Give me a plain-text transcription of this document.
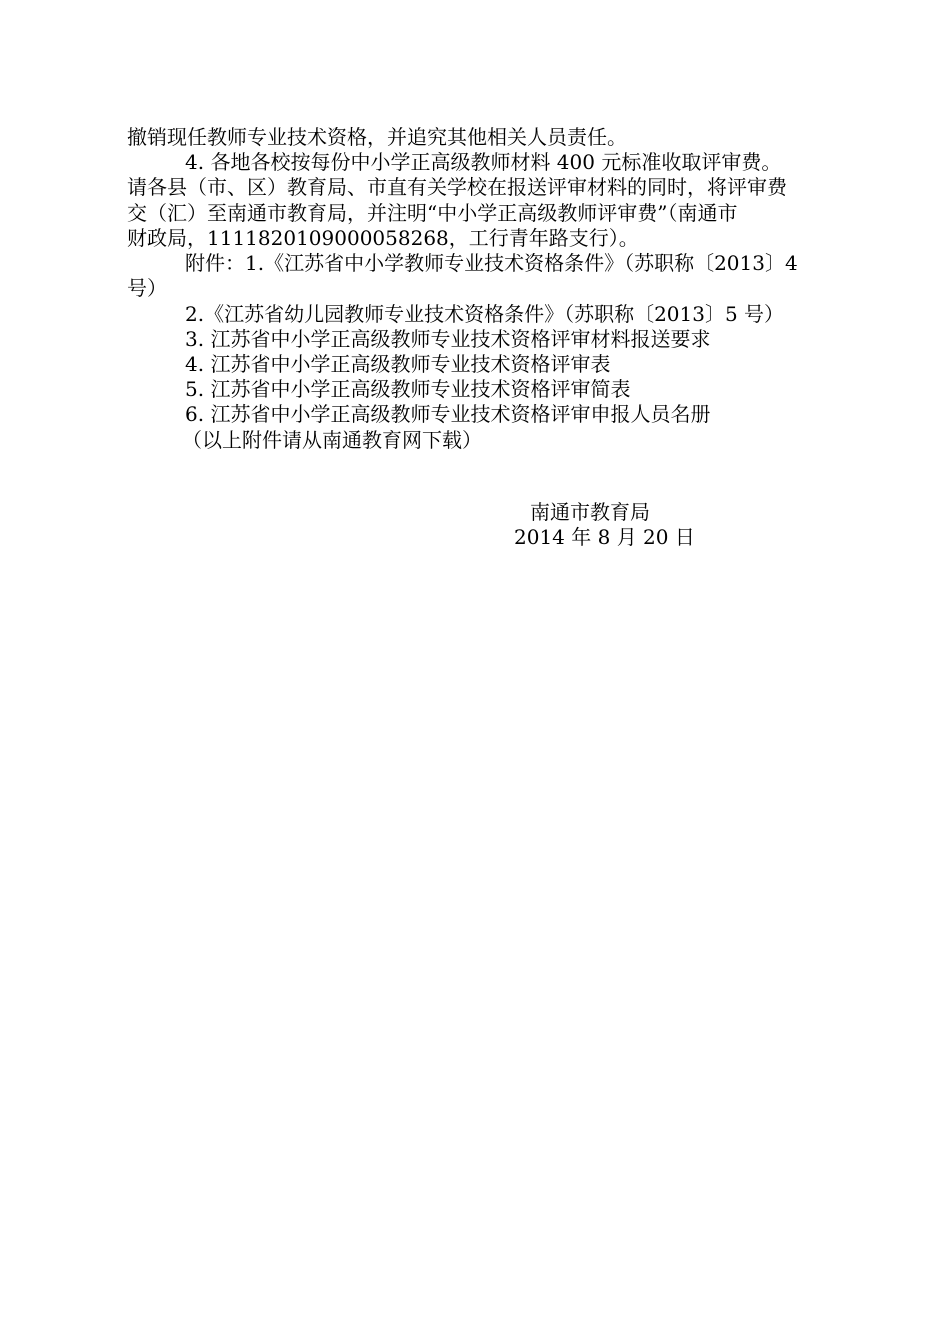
撤销现任教师专业技术资格，并追究其他相关人员责任。
4. 各地各校按每份中小学正高级教师材料 400 元标准收取评审费。
请各县（市、区）教育局、市直有关学校在报送评审材料的同时，将评审费
交（汇）至南通市教育局，并注明“中小学正高级教师评审费”（南通市
财政局，1111820109000058268，工行青年路支行）。
附件：1.《江苏省中小学教师专业技术资格条件》（苏职称〔2013〕4
号）
2.《江苏省幼儿园教师专业技术资格条件》（苏职称〔2013〕5 号）
3. 江苏省中小学正高级教师专业技术资格评审材料报送要求
4. 江苏省中小学正高级教师专业技术资格评审表
5. 江苏省中小学正高级教师专业技术资格评审简表
6. 江苏省中小学正高级教师专业技术资格评审申报人员名册
（以上附件请从南通教育网下载）
南通市教育局
2014 年 8 月 20 日
